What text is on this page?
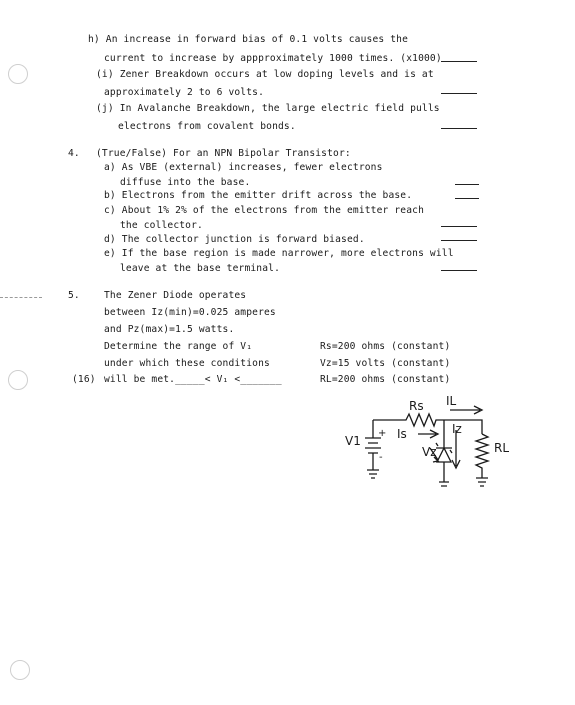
h) An increase in forward bias of 0.1 volts causes the
current to increase by appproximately 1000 times. (x1000)
(i) Zener Breakdown occurs at low doping levels and is at
approximately 2 to 6 volts.
(j) In Avalanche Breakdown, the large electric field pulls
electrons from covalent bonds.
4. (True/False) For an NPN Bipolar Transistor:
a) As VBE (external) increases, fewer electrons
diffuse into the base.
b) Electrons from the emitter drift across the base.
c) About 1% 2% of the electrons from the emitter reach
the collector.
d) The collector junction is forward biased.
e) If the base region is made narrower, more electrons will
leave at the base terminal.
5.	The Zener Diode operates
between Iz(min)=0.025 amperes
and Pz(max)=1.5 watts.
Determine the range of V₁
under which these conditions
(16) will be met._____< V₁ <_______
Rs=200 ohms (constant)
Vz=15 volts (constant)
RL=200 ohms (constant)
Rs IL
Is	Iz
RL
V1
Vz
+
-
